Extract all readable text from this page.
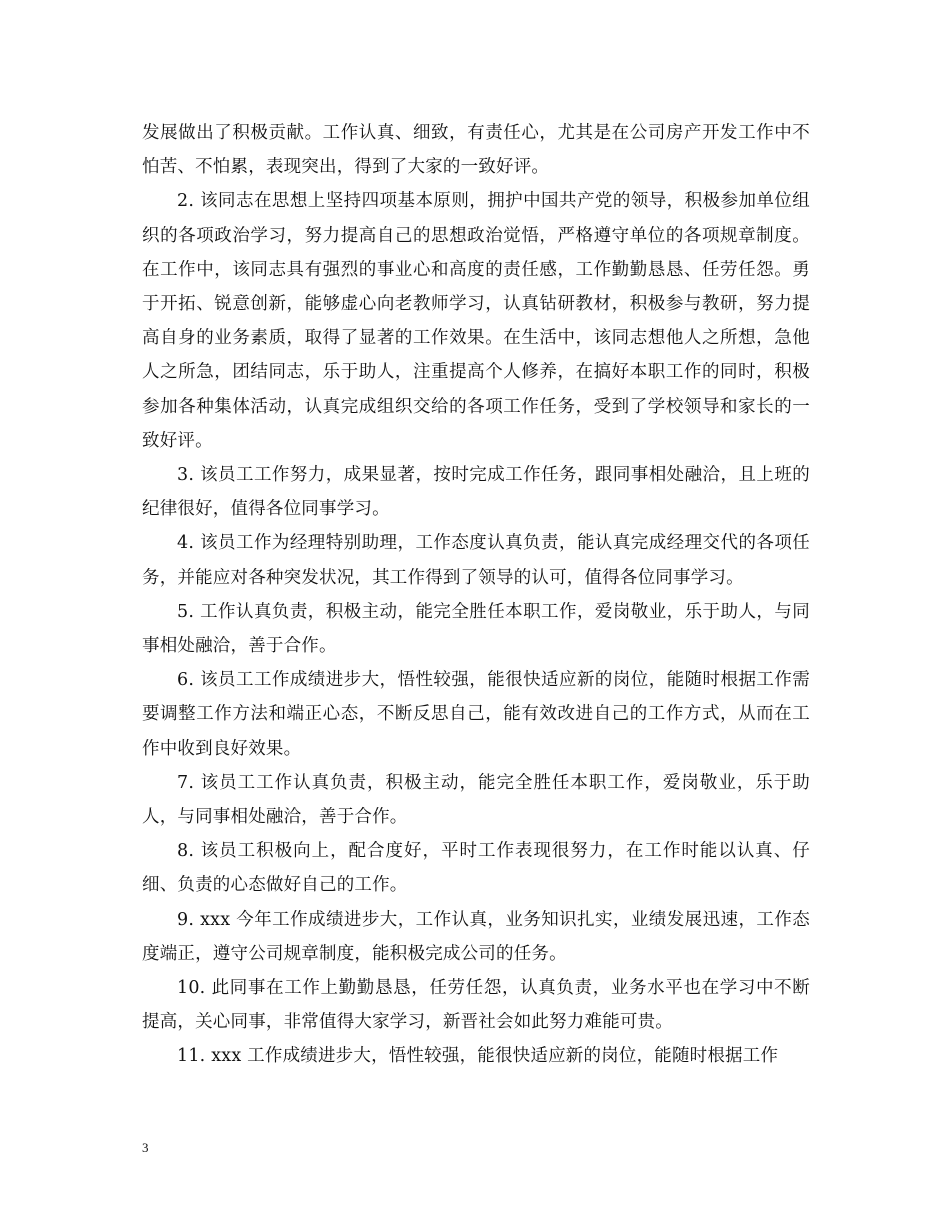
发展做出了积极贡献。工作认真、细致，有责任心，尤其是在公司房产开发工作中不怕苦、不怕累，表现突出，得到了大家的一致好评。

2. 该同志在思想上坚持四项基本原则，拥护中国共产党的领导，积极参加单位组织的各项政治学习，努力提高自己的思想政治觉悟，严格遵守单位的各项规章制度。在工作中，该同志具有强烈的事业心和高度的责任感，工作勤勤恳恳、任劳任怨。勇于开拓、锐意创新，能够虚心向老教师学习，认真钻研教材，积极参与教研，努力提高自身的业务素质，取得了显著的工作效果。在生活中，该同志想他人之所想，急他人之所急，团结同志，乐于助人，注重提高个人修养，在搞好本职工作的同时，积极参加各种集体活动，认真完成组织交给的各项工作任务，受到了学校领导和家长的一致好评。

3. 该员工工作努力，成果显著，按时完成工作任务，跟同事相处融洽，且上班的纪律很好，值得各位同事学习。

4. 该员工作为经理特别助理，工作态度认真负责，能认真完成经理交代的各项任务，并能应对各种突发状况，其工作得到了领导的认可，值得各位同事学习。

5. 工作认真负责，积极主动，能完全胜任本职工作，爱岗敬业，乐于助人，与同事相处融洽，善于合作。

6. 该员工工作成绩进步大，悟性较强，能很快适应新的岗位，能随时根据工作需要调整工作方法和端正心态，不断反思自己，能有效改进自己的工作方式，从而在工作中收到良好效果。

7. 该员工工作认真负责，积极主动，能完全胜任本职工作，爱岗敬业，乐于助人，与同事相处融洽，善于合作。

8. 该员工积极向上，配合度好，平时工作表现很努力，在工作时能以认真、仔细、负责的心态做好自己的工作。

9. xxx 今年工作成绩进步大，工作认真，业务知识扎实，业绩发展迅速，工作态度端正，遵守公司规章制度，能积极完成公司的任务。

10. 此同事在工作上勤勤恳恳，任劳任怨，认真负责，业务水平也在学习中不断提高，关心同事，非常值得大家学习，新晋社会如此努力难能可贵。

11. xxx 工作成绩进步大，悟性较强，能很快适应新的岗位，能随时根据工作

3
